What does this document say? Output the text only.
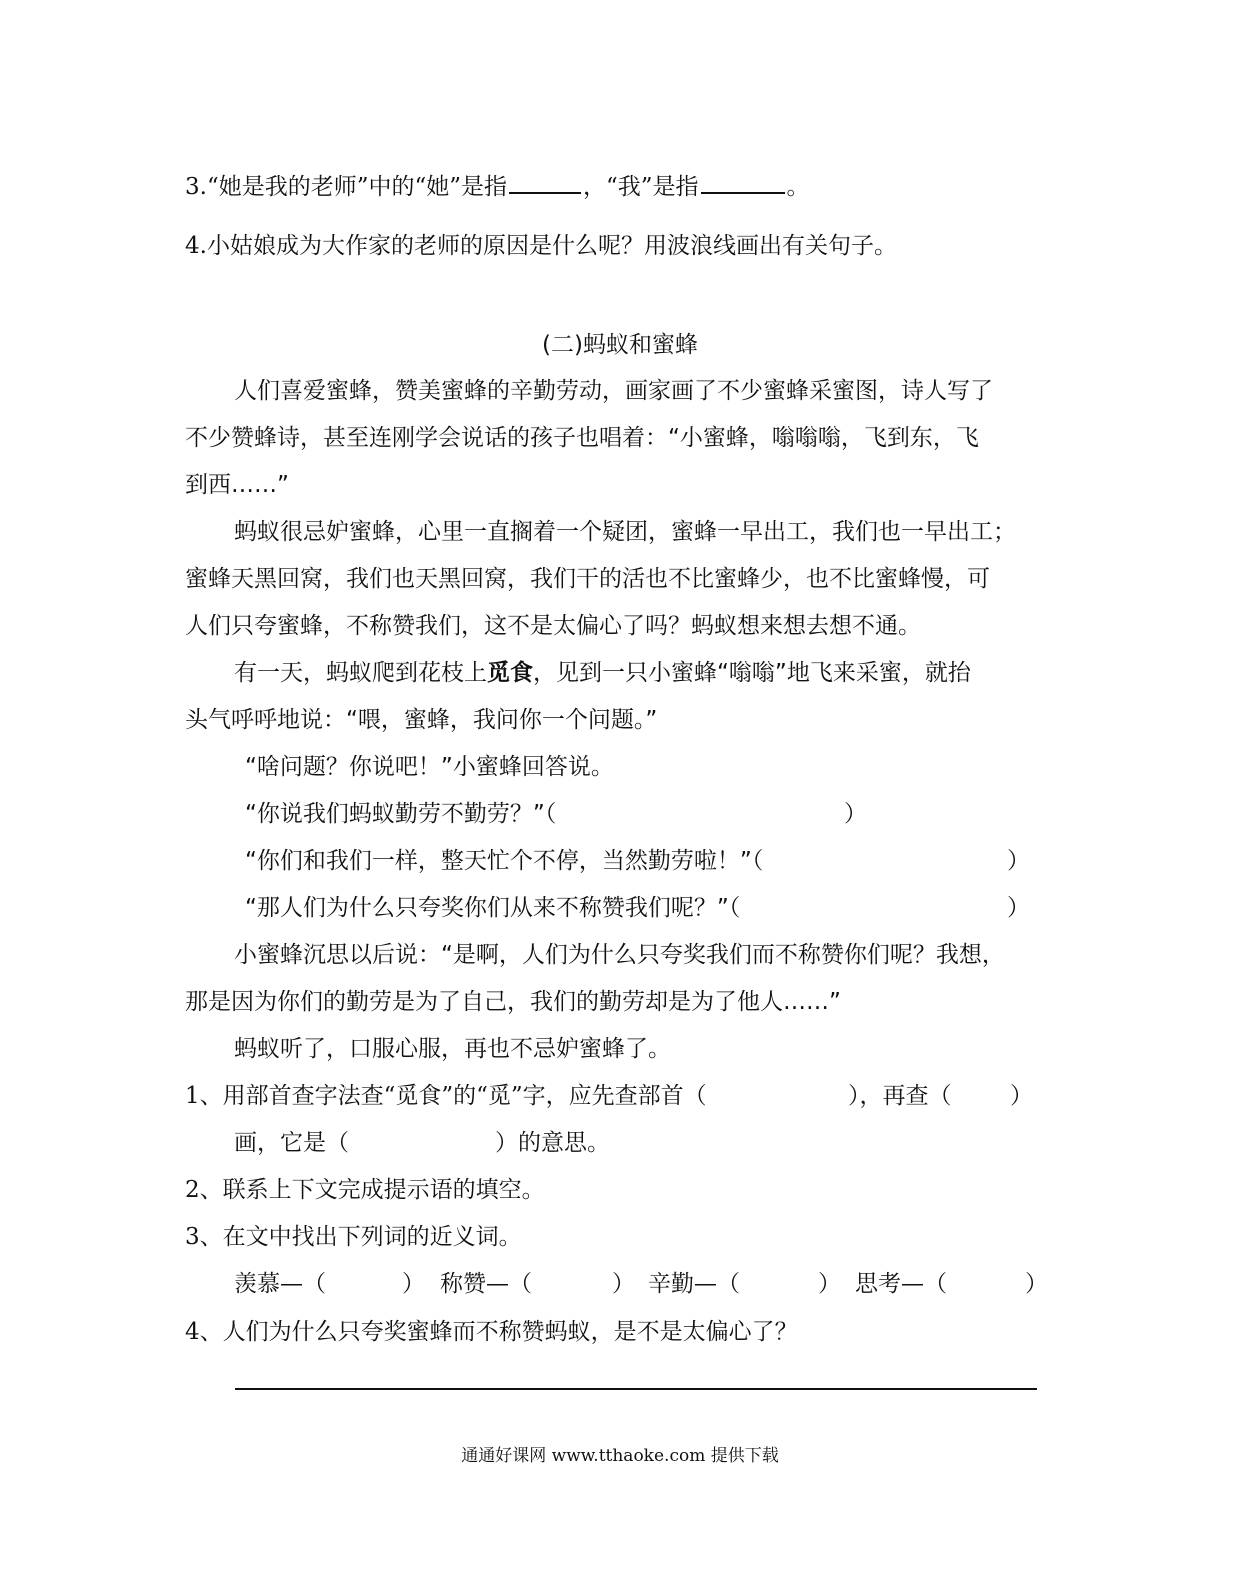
3.“她是我的老师”中的“她”是指	，“我”是指	。
4.小姑娘成为大作家的老师的原因是什么呢？用波浪线画出有关句子。
(二)蚂蚁和蜜蜂
人们喜爱蜜蜂，赞美蜜蜂的辛勤劳动，画家画了不少蜜蜂采蜜图，诗人写了
不少赞蜂诗，甚至连刚学会说话的孩子也唱着：“小蜜蜂，嗡嗡嗡，飞到东，飞
到西……”
蚂蚁很忌妒蜜蜂，心里一直搁着一个疑团，蜜蜂一早出工，我们也一早出工；
蜜蜂天黑回窝，我们也天黑回窝，我们干的活也不比蜜蜂少，也不比蜜蜂慢，可
人们只夸蜜蜂，不称赞我们，这不是太偏心了吗？蚂蚁想来想去想不通。
有一天，蚂蚁爬到花枝上觅食，见到一只小蜜蜂“嗡嗡”地飞来采蜜，就抬
头气呼呼地说：“喂，蜜蜂，我问你一个问题。”
“啥问题？你说吧！”小蜜蜂回答说。
“你说我们蚂蚁勤劳不勤劳？”（	）
“你们和我们一样，整天忙个不停，当然勤劳啦！”（	）
“那人们为什么只夸奖你们从来不称赞我们呢？”（	）
小蜜蜂沉思以后说：“是啊，人们为什么只夸奖我们而不称赞你们呢？我想，
那是因为你们的勤劳是为了自己，我们的勤劳却是为了他人……”
蚂蚁听了，口服心服，再也不忌妒蜜蜂了。
1、用部首查字法查“觅食”的“觅”字，应先查部首（	），再查（	）
画，它是（	）的意思。
2、联系上下文完成提示语的填空。
3、在文中找出下列词的近义词。
羡慕—（	） 称赞—（	） 辛勤—（	） 思考—（	）
4、人们为什么只夸奖蜜蜂而不称赞蚂蚁，是不是太偏心了？
通通好课网 www.tthaoke.com 提供下载
